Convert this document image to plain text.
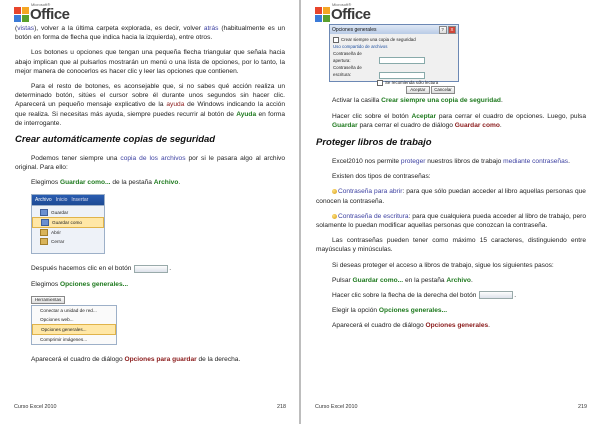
Microsoft®
Office

(vistas), volver a la última carpeta explorada, es decir, volver atrás (habitualmente es un botón en forma de flecha que indica hacia la izquierda), entre otros.

Los botones u opciones que tengan una pequeña flecha triangular que señala hacia abajo implican que al pulsarlos mostrarán un menú o una lista de opciones, por lo tanto, la mejor manera de conocerlos es hacer clic y leer las opciones que contienen.

Para el resto de botones, es aconsejable que, si no sabes qué acción realiza un determinado botón, sitúes el cursor sobre él durante unos segundos sin hacer clic. Aparecerá un pequeño mensaje explicativo de la ayuda de Windows indicando la acción que realiza. Si necesitas más ayuda, siempre puedes recurrir al botón de Ayuda en forma de interrogante.

Crear automáticamente copias de seguridad

Podemos tener siempre una copia de los archivos por si le pasara algo al archivo original. Para ello:

Elegimos Guardar como... de la pestaña Archivo.

Archivo Inicio Insertar
Guardar
Guardar como
Abrir
Cerrar

Después hacemos clic en el botón	.

Elegimos Opciones generales...

Herramientas
Conectar a unidad de red...
Opciones web...
Opciones generales...
Comprimir imágenes...

Aparecerá el cuadro de diálogo Opciones para guardar de la derecha.

Curso Excel 2010	218
Microsoft®
Office
Opciones generales	? X
Crear siempre una copia de seguridad
Uso compartido de archivos
Contraseña de apertura:
Contraseña de escritura:
Se recomienda sólo lectura
Aceptar Cancelar

Activar la casilla Crear siempre una copia de seguridad.

Hacer clic sobre el botón Aceptar para cerrar el cuadro de opciones. Luego, pulsa Guardar para cerrar el cuadro de diálogo Guardar como.

Proteger libros de trabajo

Excel2010 nos permite proteger nuestros libros de trabajo mediante contraseñas.

Existen dos tipos de contraseñas:

Contraseña para abrir: para que sólo puedan acceder al libro aquellas personas que conocen la contraseña.

Contraseña de escritura: para que cualquiera pueda acceder al libro de trabajo, pero solamente lo puedan modificar aquellas personas que conozcan la contraseña.

Las contraseñas pueden tener como máximo 15 caracteres, distinguiendo entre mayúsculas y minúsculas.

Si deseas proteger el acceso a libros de trabajo, sigue los siguientes pasos:

Pulsar Guardar como... en la pestaña Archivo.

Hacer clic sobre la flecha de la derecha del botón	.

Elegir la opción Opciones generales...

Aparecerá el cuadro de diálogo Opciones generales.

Curso Excel 2010	219
